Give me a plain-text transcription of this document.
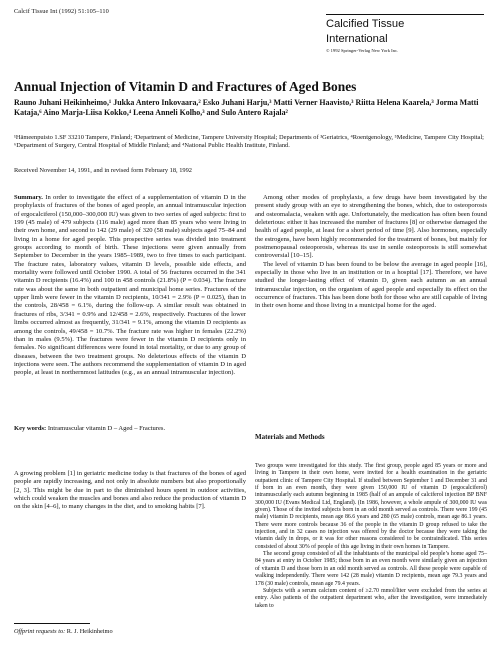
Calcif Tissue Int (1992) 51:105–110
Calcified Tissue
International
© 1992 Springer-Verlag New York Inc.
Annual Injection of Vitamin D and Fractures of Aged Bones
Rauno Juhani Heikinheimo,¹ Jukka Antero Inkovaara,² Esko Juhani Harju,³ Matti Verner Haavisto,³ Riitta Helena Kaarela,³ Jorma Matti Kataja,⁶ Aino Marja-Liisa Kokko,⁴ Leena Anneli Kolho,³ and Sulo Antero Rajala²
¹Hämeenpuisto 1.SF 33210 Tampere, Finland; ²Department of Medicine, Tampere University Hospital; Departments of ³Geriatrics, ⁴Roentgenology, ⁵Medicine, Tampere City Hospital; ⁶Department of Surgery, Central Hospital of Middle Finland; and ⁴National Public Health Institute, Finland.
Received November 14, 1991, and in revised form February 18, 1992
Summary. In order to investigate the effect of a supplementation of vitamin D in the prophylaxis of fractures of the bones of aged people, an annual intramuscular injection of ergocalciferol (150,000–300,000 IU) was given to two series of aged subjects: first to 199 (45 male) of 479 subjects (116 male) aged more than 85 years who were living in their own home, and second to 142 (29 male) of 320 (58 male) subjects aged 75–84 and living in a home for aged people. This prospective series was divided into treatment groups according to month of birth. These injections were given annually from September to December in the years 1985–1989, two to five times to each participant. The fracture rates, laboratory values, vitamin D levels, possible side effects, and mortality were followed until October 1990. A total of 56 fractures occurred in the 341 vitamin D recipients (16.4%) and 100 in 458 controls (21.8%) (P = 0.034). The fracture rate was about the same in both outpatient and municipal home series. Fractures of the upper limb were fewer in the vitamin D recipients, 10/341 = 2.9% (P = 0.025), than in the controls, 28/458 = 6.1%, during the follow-up. A similar result was obtained in fractures of ribs, 3/341 = 0.9% and 12/458 = 2.6%, respectively. Fractures of the lower limbs occurred almost as frequently, 31/341 = 9.1%, among the vitamin D recipients as among the controls, 49/458 = 10.7%. The fracture rate was higher in females (22.2%) than in males (9.5%). The fractures were fewer in the vitamin D recipients only in females. No significant differences were found in total mortality, or due to any group of diseases, between the two treatment groups. No deleterious effects of the vitamin D injections were seen. The authors recommend the supplementation of vitamin D in aged people, at least in northernmost latitudes (e.g., as an annual intramuscular injection).
Key words: Intramuscular vitamin D – Aged – Fractures.
A growing problem [1] in geriatric medicine today is that fractures of the bones of aged people are rapidly increasing, and not only in absolute numbers but also proportionally [2, 3]. This might be due in part to the diminished hours spent in outdoor activities, which could weaken the muscles and bones and also reduce the production of vitamin D on the skin [4–6], to many changes in the diet, and to smoking habits [7].

Among other modes of prophylaxis, a few drugs have been investigated by the present study group with an eye to strengthening the bones, which, due to osteoporosis and osteomalacia, weaken with age. Unfortunately, the medication has often been found deleterious: either it has increased the number of fractures [8] or otherwise damaged the health of aged people, at least for a short period of time [9]. Also hormones, especially the estrogens, have been highly recommended for the treatment of bones, but mainly for postmenopausal osteoporosis, whereas its use in senile osteoporosis is still somewhat controversial [10–15].

The level of vitamin D has been found to be below the average in aged people [16], especially in those who live in an institution or in a hospital [17]. Therefore, we have studied the longer-lasting effect of vitamin D, given each autumn as an annual intramuscular injection, on the organism of aged people and especially its effect on the occurrence of fractures. This has been done both for those who are still capable of living in their own home and those living in a municipal home for the aged.

Materials and Methods

Two groups were investigated for this study. The first group, people aged 85 years or more and living in Tampere in their own home, were invited for a health examination in the geriatric outpatient clinic of Tampere City Hospital. If studied between September 1 and December 31 and if born in an even month, they were given 150,000 IU of vitamin D (ergocalciferol) intramuscularly each autumn beginning in 1985 (half of an ampule of calciferol injection BP BNF 300,000 IU (Evans Medical Ltd, England). (In 1986, however, a whole ampule of 300,000 IU was given). Those of the invited subjects born in an odd month served as controls. There were 199 (45 male) vitamin D recipients, mean age 86.6 years and 280 (65 male) controls, mean age 86.1 years. There were more controls because 36 of the people in the vitamin D group refused to take the injection, and in 32 cases no injection was offered by the doctor because they were taking the vitamin daily in drops, or it was for other reasons considered to be contraindicated. This series consisted of about 30% of people of this age living in their own homes in Tampere.

The second group consisted of all the inhabitants of the municipal old people’s home aged 75–84 years at entry in October 1985; those born in an even month were similarly given an injection of vitamin D and those born in an odd month served as controls. All these people were capable of walking independently. There were 142 (28 male) vitamin D recipients, mean age 79.3 years and 178 (30 male) controls, mean age 79.4 years.

Subjects with a serum calcium content of ≥2.70 mmol/liter were excluded from the series at entry. Also patients of the outpatient department who, after the investigation, were immediately taken to

Offprint requests to: R. J. Heikinheimo
